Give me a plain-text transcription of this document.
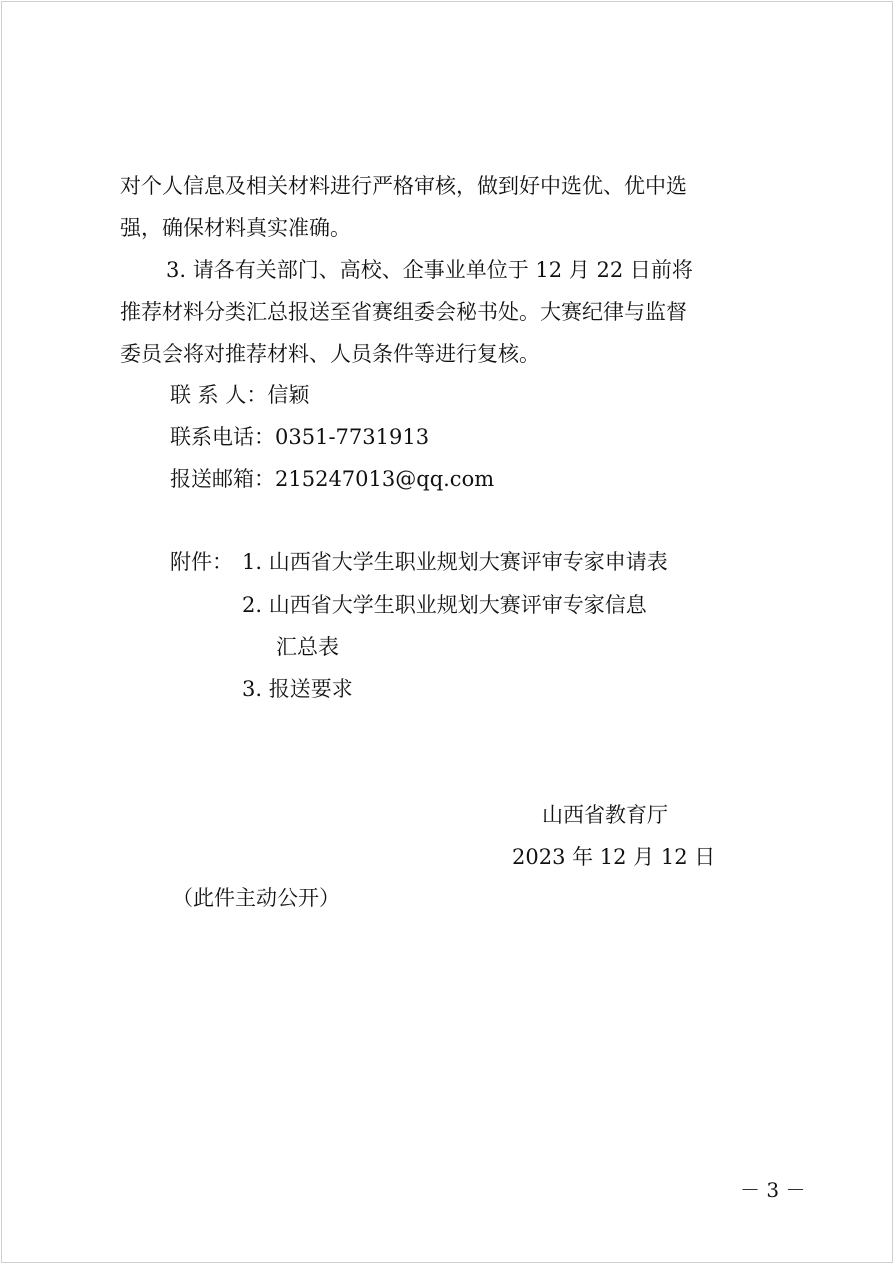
对个人信息及相关材料进行严格审核，做到好中选优、优中选
强，确保材料真实准确。
3. 请各有关部门、高校、企事业单位于 12 月 22 日前将
推荐材料分类汇总报送至省赛组委会秘书处。大赛纪律与监督
委员会将对推荐材料、人员条件等进行复核。
联 系 人：信颖
联系电话：0351-7731913
报送邮箱：215247013@qq.com
附件： 1. 山西省大学生职业规划大赛评审专家申请表
2. 山西省大学生职业规划大赛评审专家信息
汇总表
3. 报送要求
山西省教育厅
2023 年 12 月 12 日
（此件主动公开）
－ 3 －
